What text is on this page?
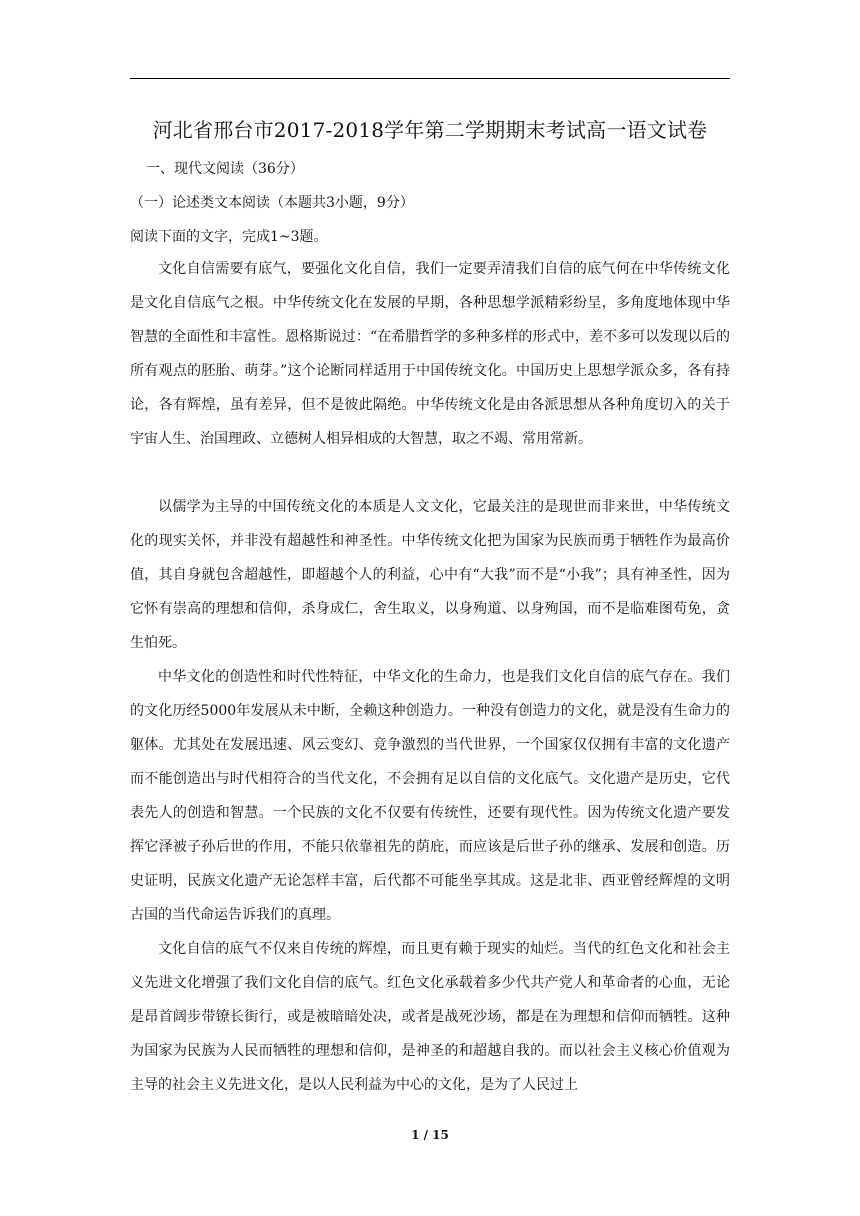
河北省邢台市2017-2018学年第二学期期末考试高一语文试卷
一、现代文阅读（36分）
（一）论述类文本阅读（本题共3小题，9分）
阅读下面的文字，完成1~3题。
文化自信需要有底气，要强化文化自信，我们一定要弄清我们自信的底气何在中华传统文化是文化自信底气之根。中华传统文化在发展的早期，各种思想学派精彩纷呈，多角度地体现中华智慧的全面性和丰富性。恩格斯说过：“在希腊哲学的多种多样的形式中，差不多可以发现以后的所有观点的胚胎、萌芽。”这个论断同样适用于中国传统文化。中国历史上思想学派众多，各有持论，各有辉煌，虽有差异，但不是彼此隔绝。中华传统文化是由各派思想从各种角度切入的关于宇宙人生、治国理政、立德树人相异相成的大智慧，取之不竭、常用常新。
以儒学为主导的中国传统文化的本质是人文文化，它最关注的是现世而非来世，中华传统文化的现实关怀，并非没有超越性和神圣性。中华传统文化把为国家为民族而勇于牺牲作为最高价值，其自身就包含超越性，即超越个人的利益，心中有“大我”而不是“小我”；具有神圣性，因为它怀有崇高的理想和信仰，杀身成仁，舍生取义，以身殉道、以身殉国，而不是临难图苟免，贪生怕死。
中华文化的创造性和时代性特征，中华文化的生命力，也是我们文化自信的底气存在。我们的文化历经5000年发展从未中断，全赖这种创造力。一种没有创造力的文化，就是没有生命力的躯体。尤其处在发展迅速、风云变幻、竞争激烈的当代世界，一个国家仅仅拥有丰富的文化遗产而不能创造出与时代相符合的当代文化，不会拥有足以自信的文化底气。文化遗产是历史，它代表先人的创造和智慧。一个民族的文化不仅要有传统性，还要有现代性。因为传统文化遗产要发挥它泽被子孙后世的作用，不能只依靠祖先的荫庇，而应该是后世子孙的继承、发展和创造。历史证明，民族文化遗产无论怎样丰富，后代都不可能坐享其成。这是北非、西亚曾经辉煌的文明古国的当代命运告诉我们的真理。
文化自信的底气不仅来自传统的辉煌，而且更有赖于现实的灿烂。当代的红色文化和社会主义先进文化增强了我们文化自信的底气。红色文化承载着多少代共产党人和革命者的心血，无论是昂首阔步带镣长街行，或是被暗暗处决，或者是战死沙场，都是在为理想和信仰而牺牲。这种为国家为民族为人民而牺牲的理想和信仰，是神圣的和超越自我的。而以社会主义核心价值观为主导的社会主义先进文化，是以人民利益为中心的文化，是为了人民过上
1 / 15
